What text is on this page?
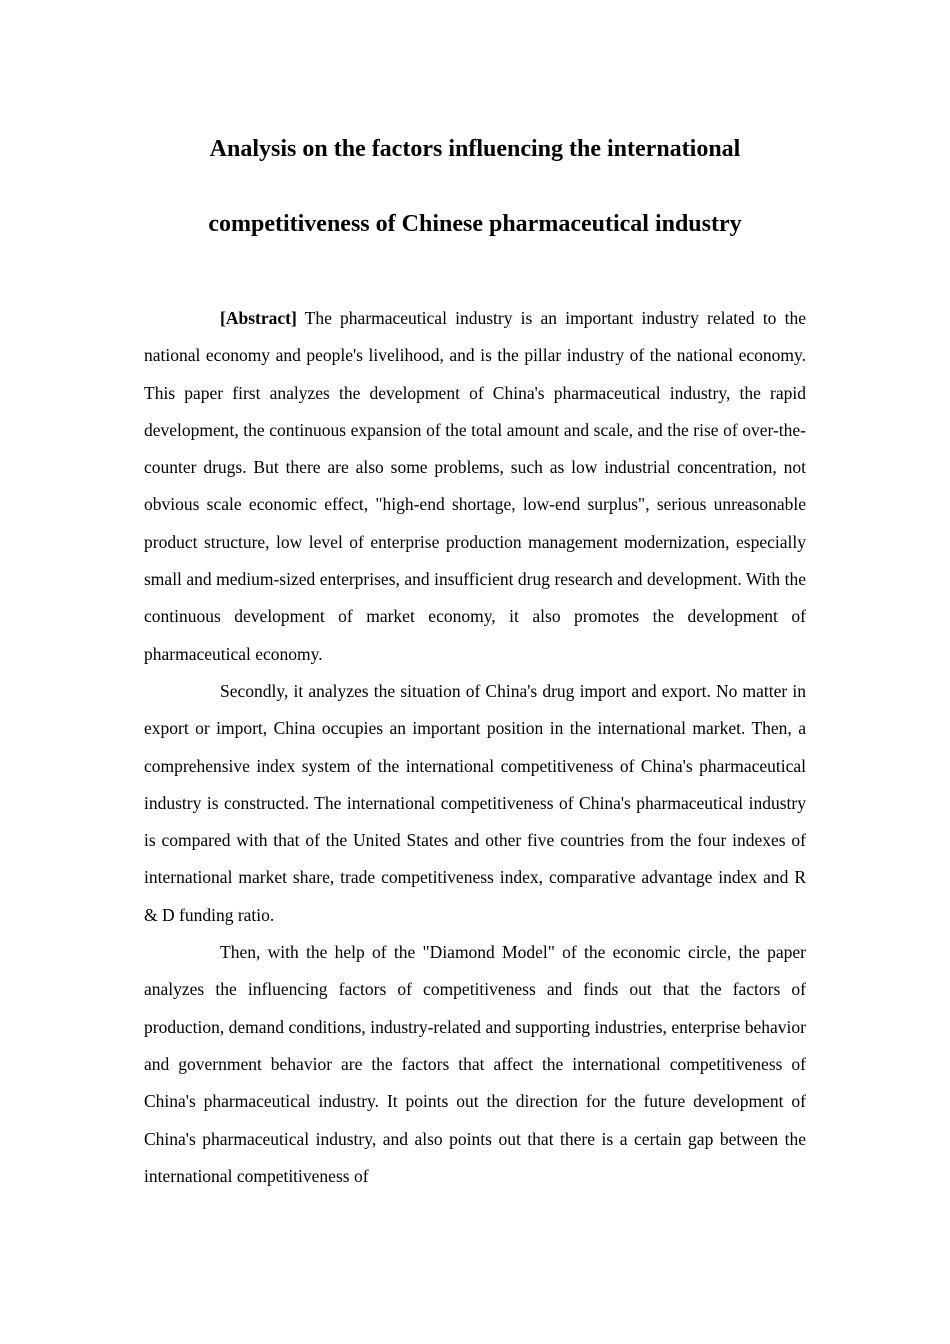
Analysis on the factors influencing the international
competitiveness of Chinese pharmaceutical industry

[Abstract] The pharmaceutical industry is an important industry related to the national economy and people's livelihood, and is the pillar industry of the national economy. This paper first analyzes the development of China's pharmaceutical industry, the rapid development, the continuous expansion of the total amount and scale, and the rise of over-the-counter drugs. But there are also some problems, such as low industrial concentration, not obvious scale economic effect, "high-end shortage, low-end surplus", serious unreasonable product structure, low level of enterprise production management modernization, especially small and medium-sized enterprises, and insufficient drug research and development. With the continuous development of market economy, it also promotes the development of pharmaceutical economy.

Secondly, it analyzes the situation of China's drug import and export. No matter in export or import, China occupies an important position in the international market. Then, a comprehensive index system of the international competitiveness of China's pharmaceutical industry is constructed. The international competitiveness of China's pharmaceutical industry is compared with that of the United States and other five countries from the four indexes of international market share, trade competitiveness index, comparative advantage index and R & D funding ratio.

Then, with the help of the "Diamond Model" of the economic circle, the paper analyzes the influencing factors of competitiveness and finds out that the factors of production, demand conditions, industry-related and supporting industries, enterprise behavior and government behavior are the factors that affect the international competitiveness of China's pharmaceutical industry. It points out the direction for the future development of China's pharmaceutical industry, and also points out that there is a certain gap between the international competitiveness of
